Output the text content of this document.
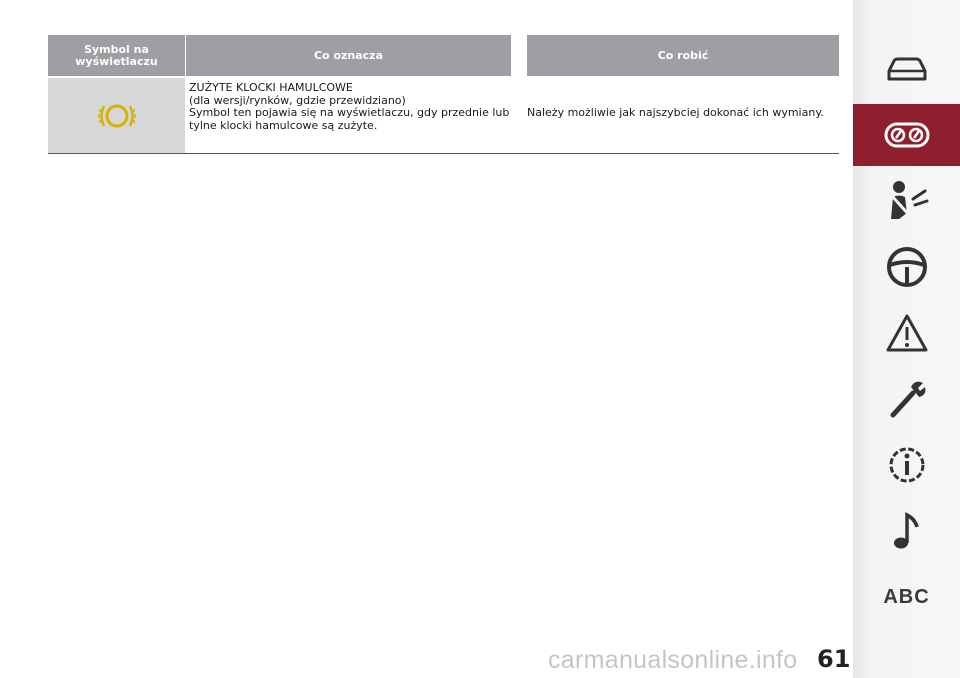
Symbol na
wyświetlaczu	Co oznacza	Co robić
ZUŻYTE KLOCKI HAMULCOWE
(dla wersji/rynków, gdzie przewidziano)
Symbol ten pojawia się na wyświetlaczu, gdy przednie lub
tylne klocki hamulcowe są zużyte.
Należy możliwie jak najszybciej dokonać ich wymiany.
ABC
carmanualsonline.info 61
